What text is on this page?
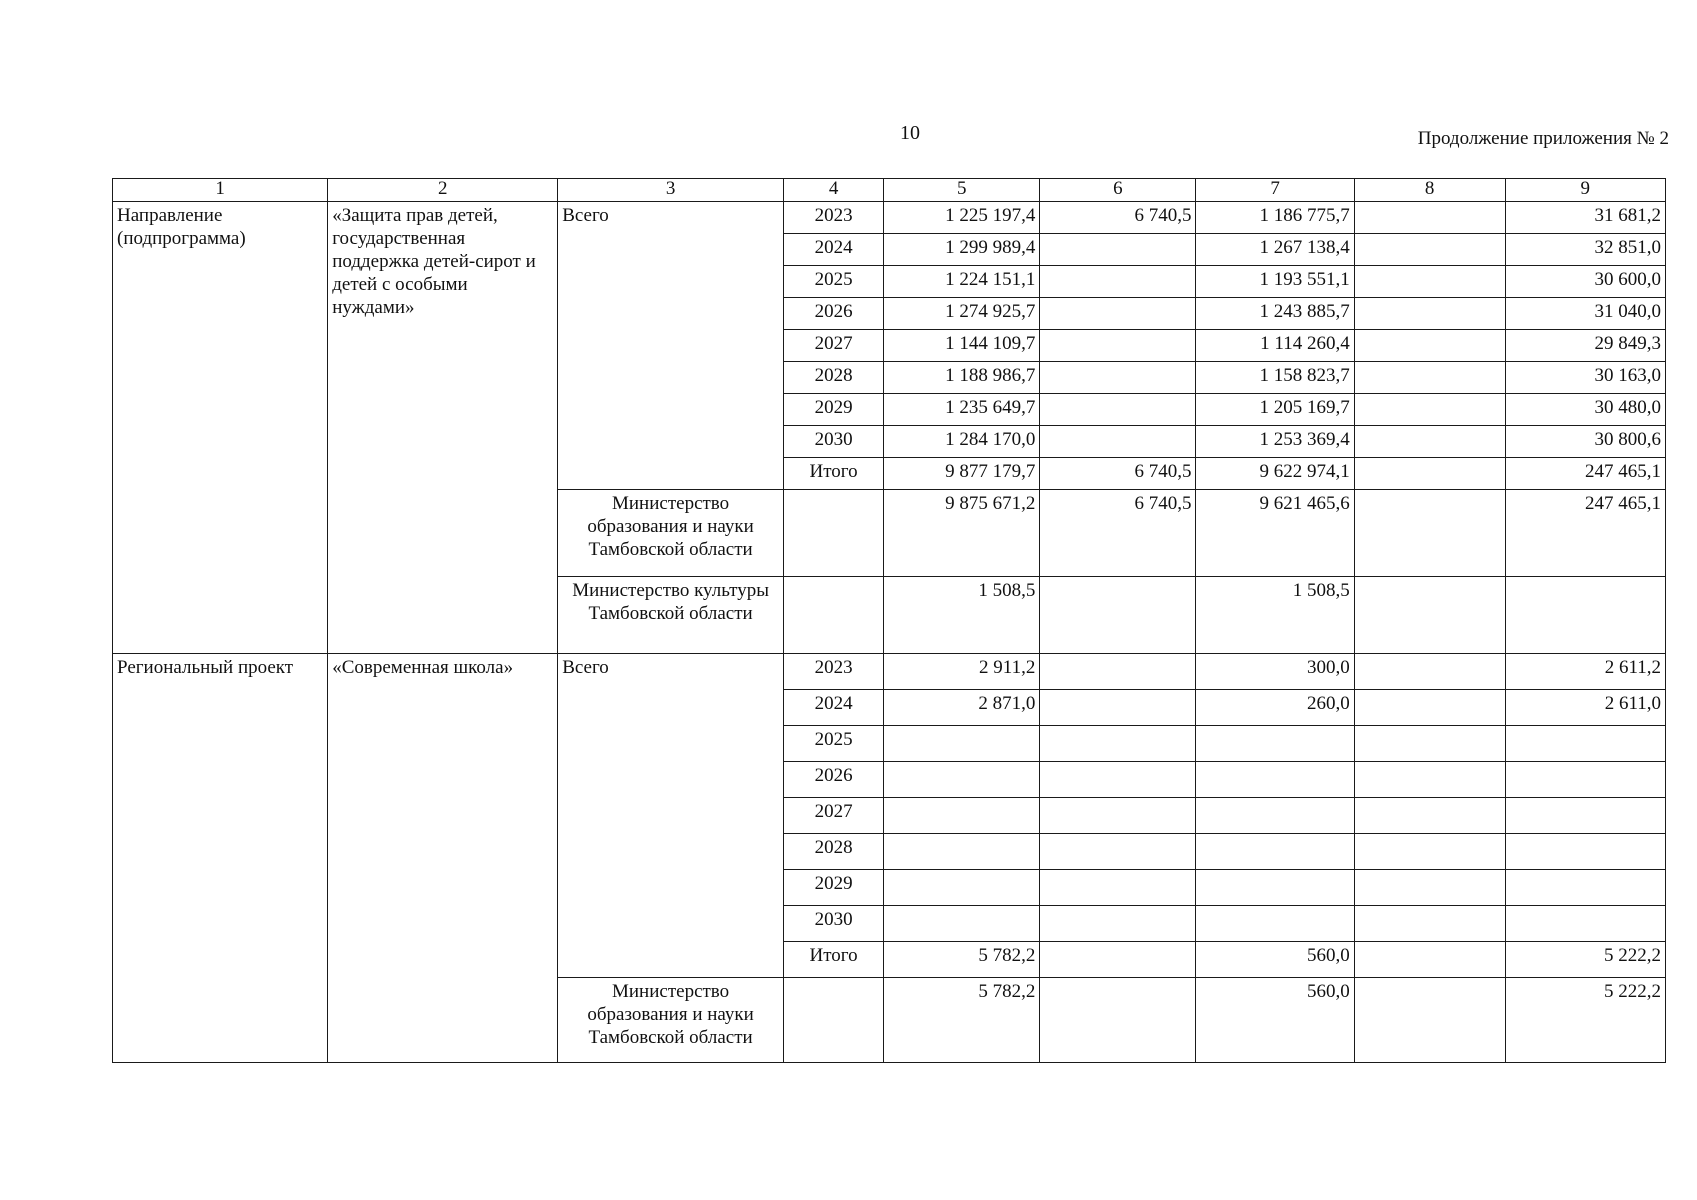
10	Продолжение приложения № 2
1	2	3	4	5	6	7	8	9
Направление (подпрограмма)	«Защита прав детей, государственная поддержка детей-сирот и детей с особыми нуждами»	Всего	2023	1 225 197,4	6 740,5	1 186 775,7		31 681,2
			2024	1 299 989,4		1 267 138,4		32 851,0
			2025	1 224 151,1		1 193 551,1		30 600,0
			2026	1 274 925,7		1 243 885,7		31 040,0
			2027	1 144 109,7		1 114 260,4		29 849,3
			2028	1 188 986,7		1 158 823,7		30 163,0
			2029	1 235 649,7		1 205 169,7		30 480,0
			2030	1 284 170,0		1 253 369,4		30 800,6
			Итого	9 877 179,7	6 740,5	9 622 974,1		247 465,1
		Министерство образования и науки Тамбовской области		9 875 671,2	6 740,5	9 621 465,6		247 465,1
		Министерство культуры Тамбовской области		1 508,5		1 508,5		
Региональный проект	«Современная школа»	Всего	2023	2 911,2		300,0		2 611,2
			2024	2 871,0		260,0		2 611,0
			2025					
			2026					
			2027					
			2028					
			2029					
			2030					
			Итого	5 782,2		560,0		5 222,2
		Министерство образования и науки Тамбовской области		5 782,2		560,0		5 222,2
